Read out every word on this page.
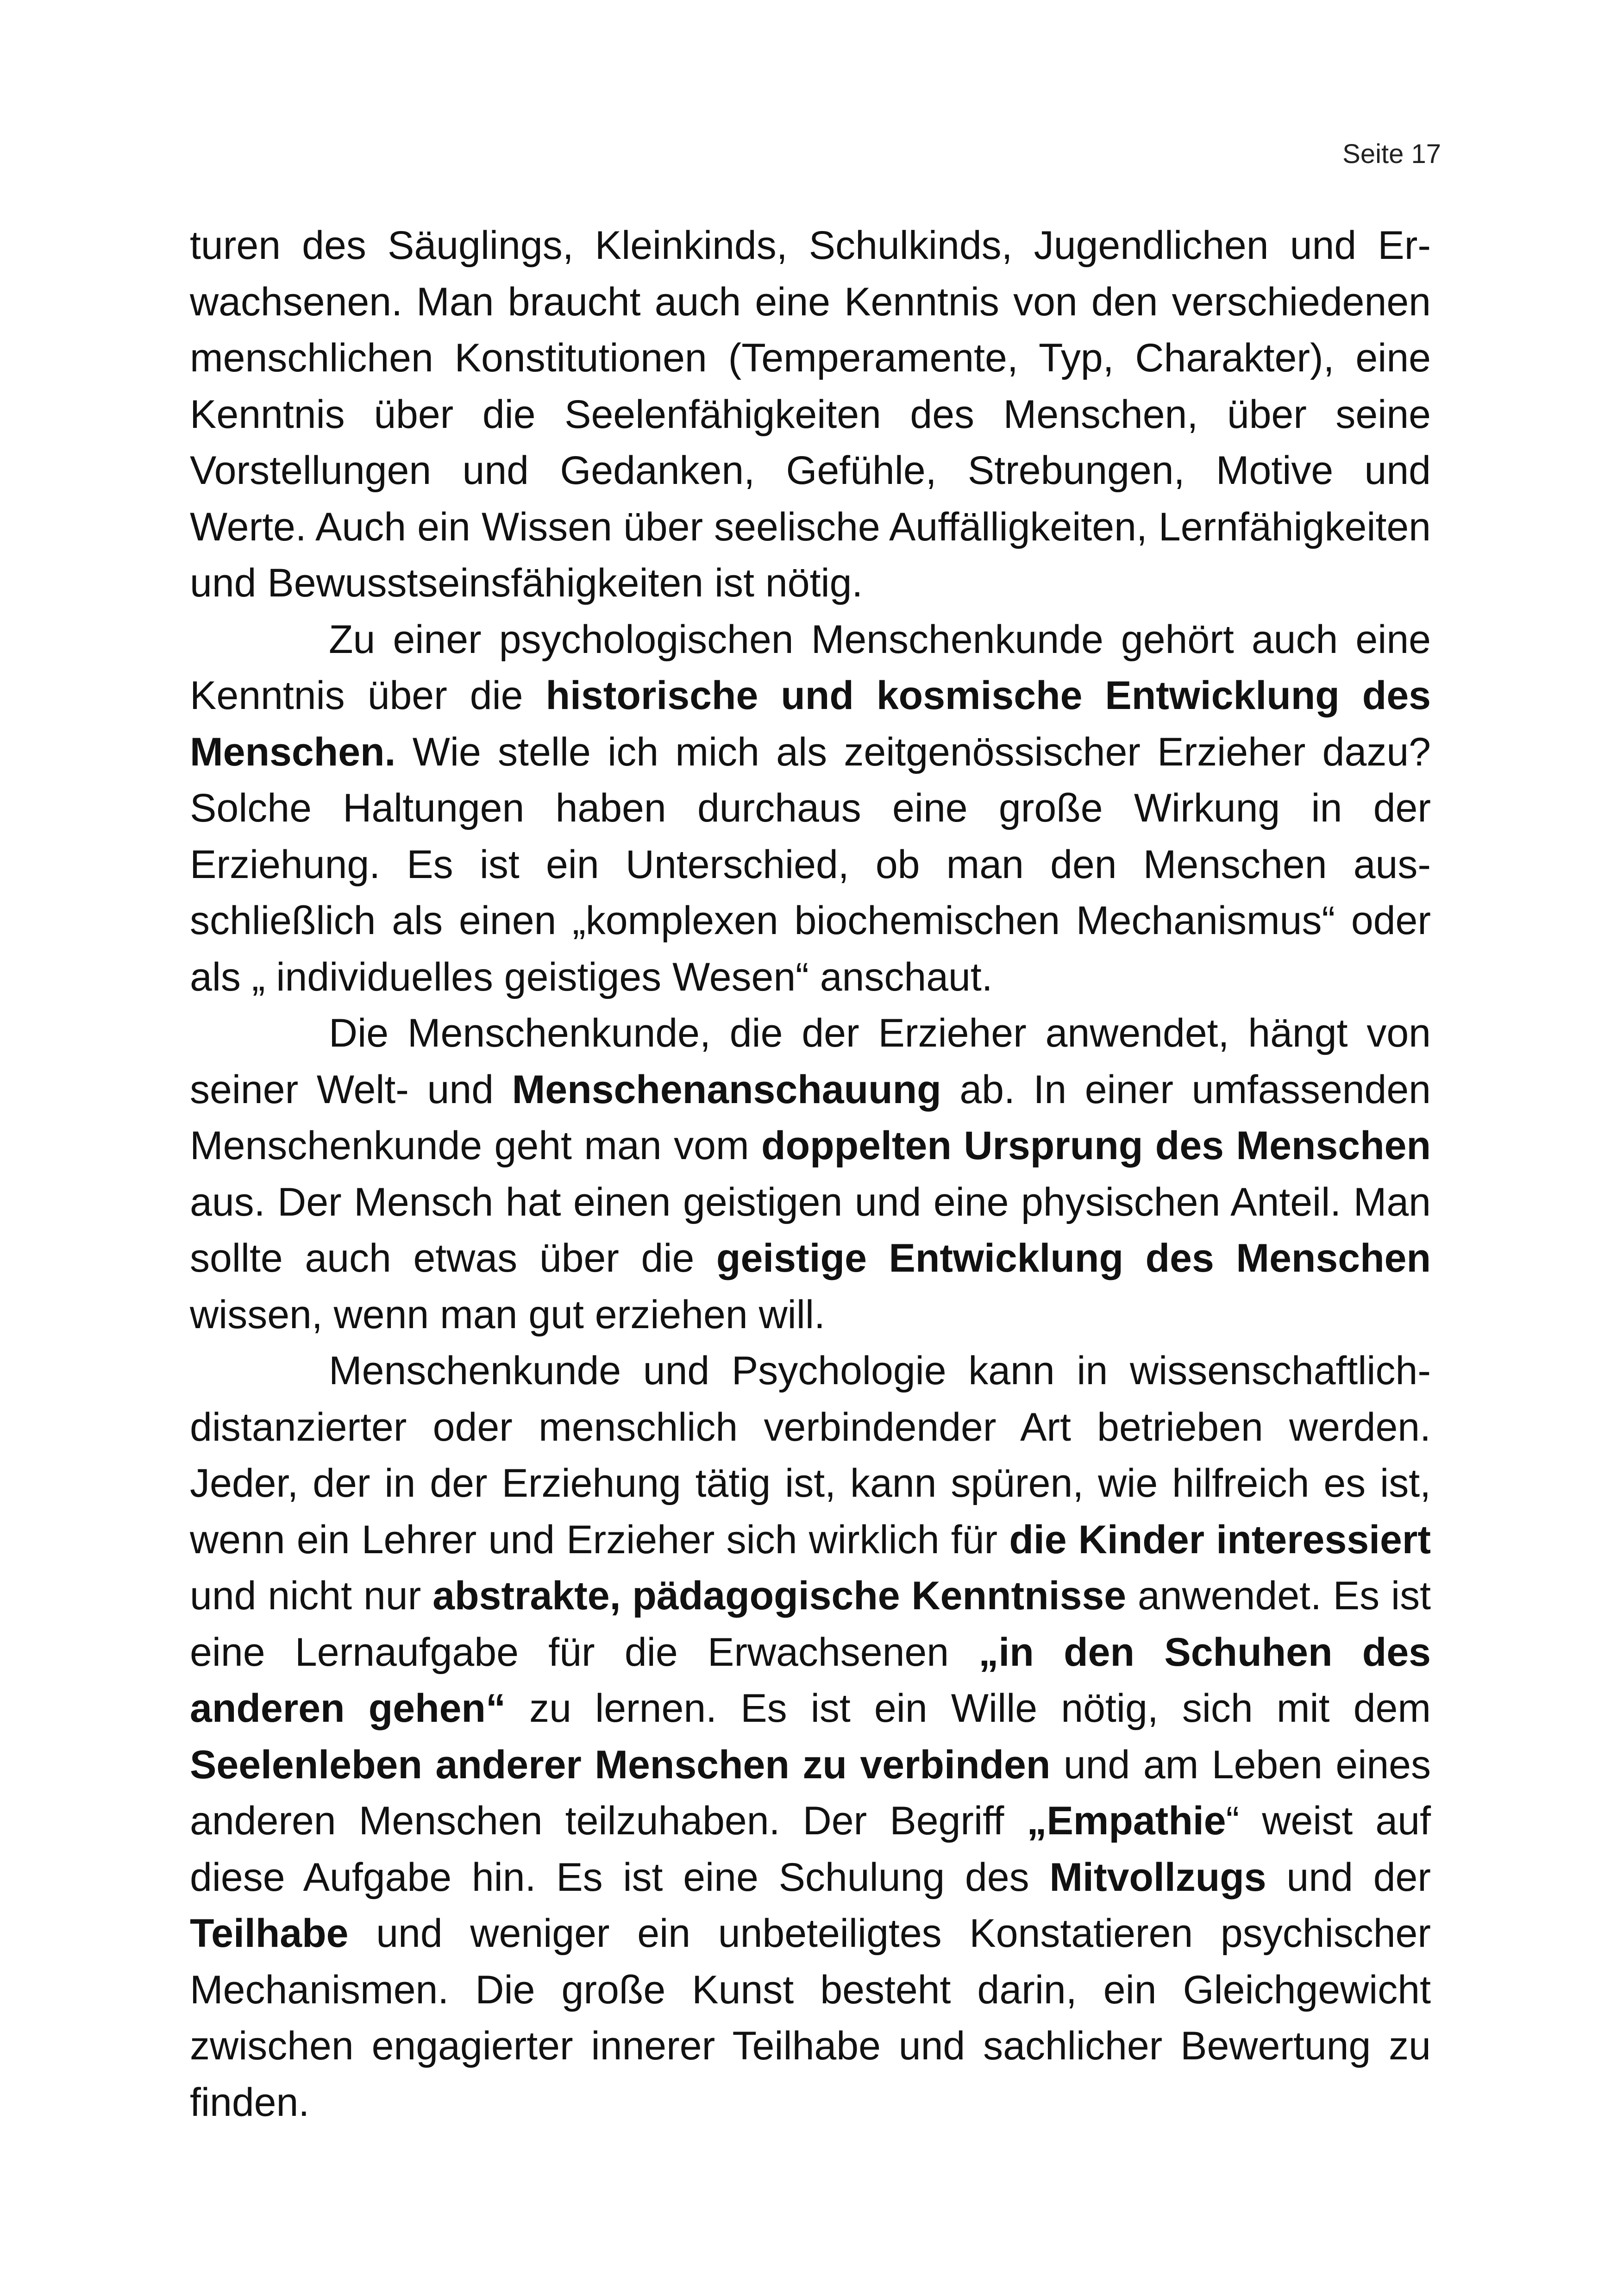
Seite 17

turen des Säuglings, Kleinkinds, Schulkinds, Jugendlichen und Erwachsenen. Man braucht auch eine Kenntnis von den verschiedenen menschlichen Konstitutionen (Temperamente, Typ, Charakter), eine Kenntnis über die Seelenfähigkeiten des Menschen, über seine Vorstellungen und Gedanken, Gefühle, Strebungen, Motive und Werte. Auch ein Wissen über seelische Auffälligkeiten, Lernfähigkeiten und Bewusstseinsfähigkeiten ist nötig.

Zu einer psychologischen Menschenkunde gehört auch eine Kenntnis über die historische und kosmische Entwicklung des Menschen. Wie stelle ich mich als zeitgenössischer Erzieher dazu? Solche Haltungen haben durchaus eine große Wirkung in der Erziehung. Es ist ein Unterschied, ob man den Menschen ausschließlich als einen „komplexen biochemischen Mechanismus“ oder als „ individuelles geistiges Wesen“ anschaut.

Die Menschenkunde, die der Erzieher anwendet, hängt von seiner Welt- und Menschenanschauung ab. In einer umfassenden Menschenkunde geht man vom doppelten Ursprung des Menschen aus. Der Mensch hat einen geistigen und eine physischen Anteil. Man sollte auch etwas über die geistige Entwicklung des Menschen wissen, wenn man gut erziehen will.

Menschenkunde und Psychologie kann in wissenschaftlich-distanzierter oder menschlich verbindender Art betrieben werden. Jeder, der in der Erziehung tätig ist, kann spüren, wie hilfreich es ist, wenn ein Lehrer und Erzieher sich wirklich für die Kinder interessiert und nicht nur abstrakte, pädagogische Kenntnisse anwendet. Es ist eine Lernaufgabe für die Erwachsenen „in den Schuhen des anderen gehen“ zu lernen. Es ist ein Wille nötig, sich mit dem Seelenleben anderer Menschen zu verbinden und am Leben eines anderen Menschen teilzuhaben. Der Begriff „Empathie“ weist auf diese Aufgabe hin. Es ist eine Schulung des Mitvollzugs und der Teilhabe und weniger ein unbeteiligtes Konstatieren psychischer Mechanismen. Die große Kunst besteht darin, ein Gleichgewicht zwischen engagierter innerer Teilhabe und sachlicher Bewertung zu finden.
